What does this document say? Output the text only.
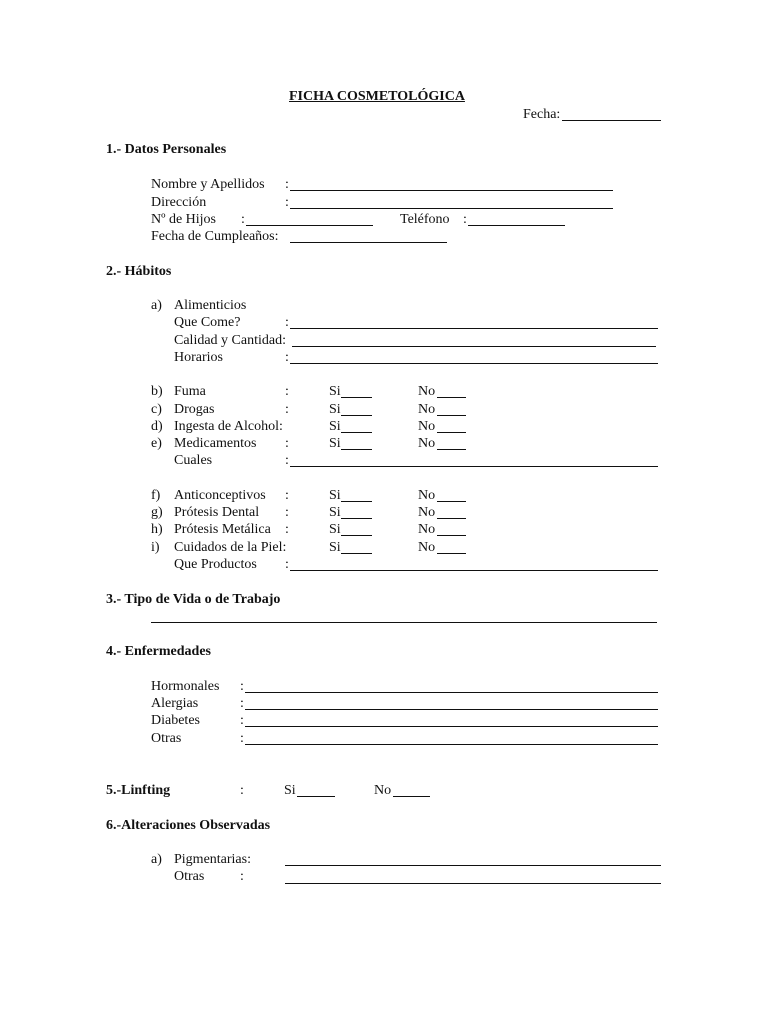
FICHA COSMETOLÓGICA
Fecha:
1.- Datos Personales
Nombre y Apellidos :
Dirección	:
Nº de Hijos :	Teléfono :
Fecha de Cumpleaños:
2.- Hábitos
a) Alimenticios
Que Come?	:
Calidad y Cantidad:
Horarios	:
b) Fuma	:	Si	No
c) Drogas	:	Si	No
d) Ingesta de Alcohol:	Si	No
e) Medicamentos :	Si	No
Cuales	:
f) Anticonceptivos :	Si	No
g) Prótesis Dental :	Si	No
h) Prótesis Metálica :	Si	No
i) Cuidados de la Piel:	Si	No
Que Productos :
3.- Tipo de Vida o de Trabajo
4.- Enfermedades
Hormonales :
Alergias	:
Diabetes	:
Otras	:
5.-Linfting	:	Si	No
6.-Alteraciones Observadas
a) Pigmentarias:
Otras	:
